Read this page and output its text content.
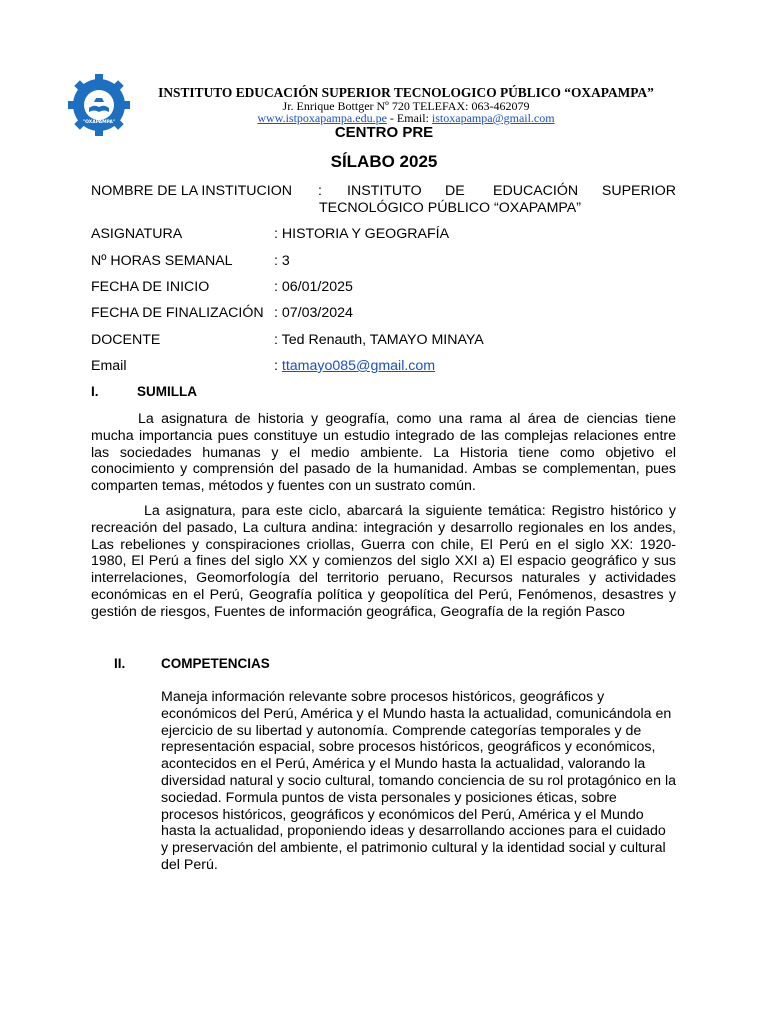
"OXAPAMPA"
INSTITUTO EDUCACIÓN SUPERIOR TECNOLOGICO PÚBLICO “OXAPAMPA”
Jr. Enrique Bottger Nº 720 TELEFAX: 063-462079
www.istpoxapampa.edu.pe - Email: istoxapampa@gmail.com
CENTRO PRE
SÍLABO 2025
NOMBRE DE LA INSTITUCION : INSTITUTO DE EDUCACIÓN SUPERIOR
TECNOLÓGICO PÚBLICO “OXAPAMPA”
ASIGNATURA	: HISTORIA Y GEOGRAFÍA
Nº HORAS SEMANAL	: 3
FECHA DE INICIO	: 06/01/2025
FECHA DE FINALIZACIÓN : 07/03/2024
DOCENTE	: Ted Renauth, TAMAYO MINAYA
Email	: ttamayo085@gmail.com
I.	SUMILLA

La asignatura de historia y geografía, como una rama al área de ciencias tiene mucha importancia pues constituye un estudio integrado de las complejas relaciones entre las sociedades humanas y el medio ambiente. La Historia tiene como objetivo el conocimiento y comprensión del pasado de la humanidad. Ambas se complementan, pues comparten temas, métodos y fuentes con un sustrato común.

La asignatura, para este ciclo, abarcará la siguiente temática: Registro histórico y recreación del pasado, La cultura andina: integración y desarrollo regionales en los andes, Las rebeliones y conspiraciones criollas, Guerra con chile, El Perú en el siglo XX: 1920-1980, El Perú a fines del siglo XX y comienzos del siglo XXI a) El espacio geográfico y sus interrelaciones, Geomorfología del territorio peruano, Recursos naturales y actividades económicas en el Perú, Geografía política y geopolítica del Perú, Fenómenos, desastres y gestión de riesgos, Fuentes de información geográfica, Geografía de la región Pasco

II.	COMPETENCIAS
Maneja información relevante sobre procesos históricos, geográficos y
económicos del Perú, América y el Mundo hasta la actualidad, comunicándola en
ejercicio de su libertad y autonomía. Comprende categorías temporales y de
representación espacial, sobre procesos históricos, geográficos y económicos,
acontecidos en el Perú, América y el Mundo hasta la actualidad, valorando la
diversidad natural y socio cultural, tomando conciencia de su rol protagónico en la
sociedad. Formula puntos de vista personales y posiciones éticas, sobre
procesos históricos, geográficos y económicos del Perú, América y el Mundo
hasta la actualidad, proponiendo ideas y desarrollando acciones para el cuidado
y preservación del ambiente, el patrimonio cultural y la identidad social y cultural
del Perú.
